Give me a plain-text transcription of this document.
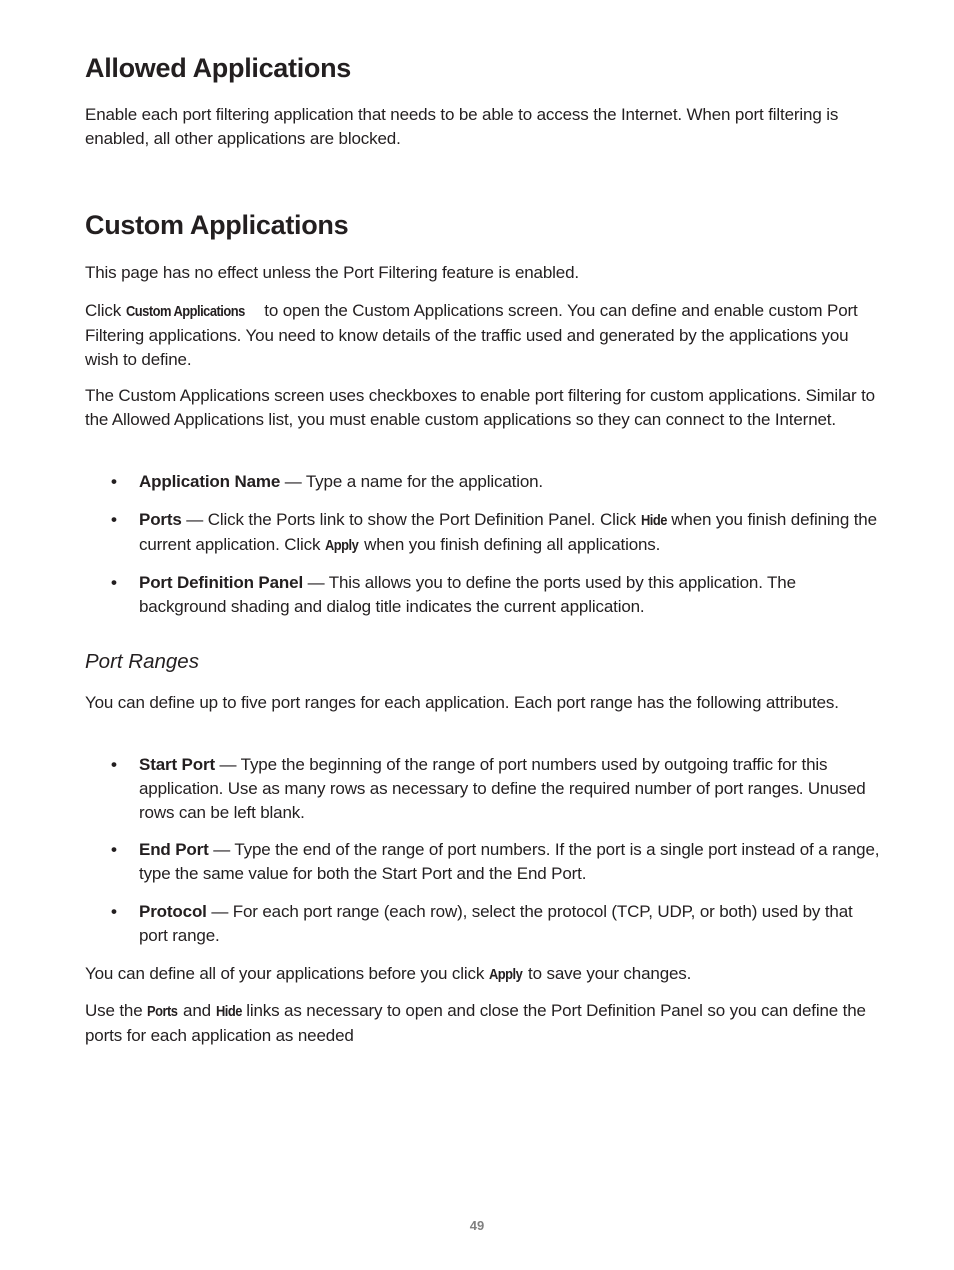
Allowed Applications

Enable each port filtering application that needs to be able to access the Internet. When port filtering is enabled, all other applications are blocked.

Custom Applications

This page has no effect unless the Port Filtering feature is enabled.

Click Custom Applications to open the Custom Applications screen. You can define and enable custom Port Filtering applications. You need to know details of the traffic used and generated by the applications you wish to define.

The Custom Applications screen uses checkboxes to enable port filtering for custom applications. Similar to the Allowed Applications list, you must enable custom applications so they can connect to the Internet.

• Application Name — Type a name for the application.
• Ports — Click the Ports link to show the Port Definition Panel. Click Hide when you finish defining the current application. Click Apply when you finish defining all applications.
• Port Definition Panel — This allows you to define the ports used by this application. The background shading and dialog title indicates the current application.
Port Ranges

You can define up to five port ranges for each application. Each port range has the following attributes.

• Start Port — Type the beginning of the range of port numbers used by outgoing traffic for this application. Use as many rows as necessary to define the required number of port ranges. Unused rows can be left blank.
• End Port — Type the end of the range of port numbers. If the port is a single port instead of a range, type the same value for both the Start Port and the End Port.
• Protocol — For each port range (each row), select the protocol (TCP, UDP, or both) used by that port range.

You can define all of your applications before you click Apply to save your changes.

Use the Ports and Hide links as necessary to open and close the Port Definition Panel so you can define the ports for each application as needed

49
